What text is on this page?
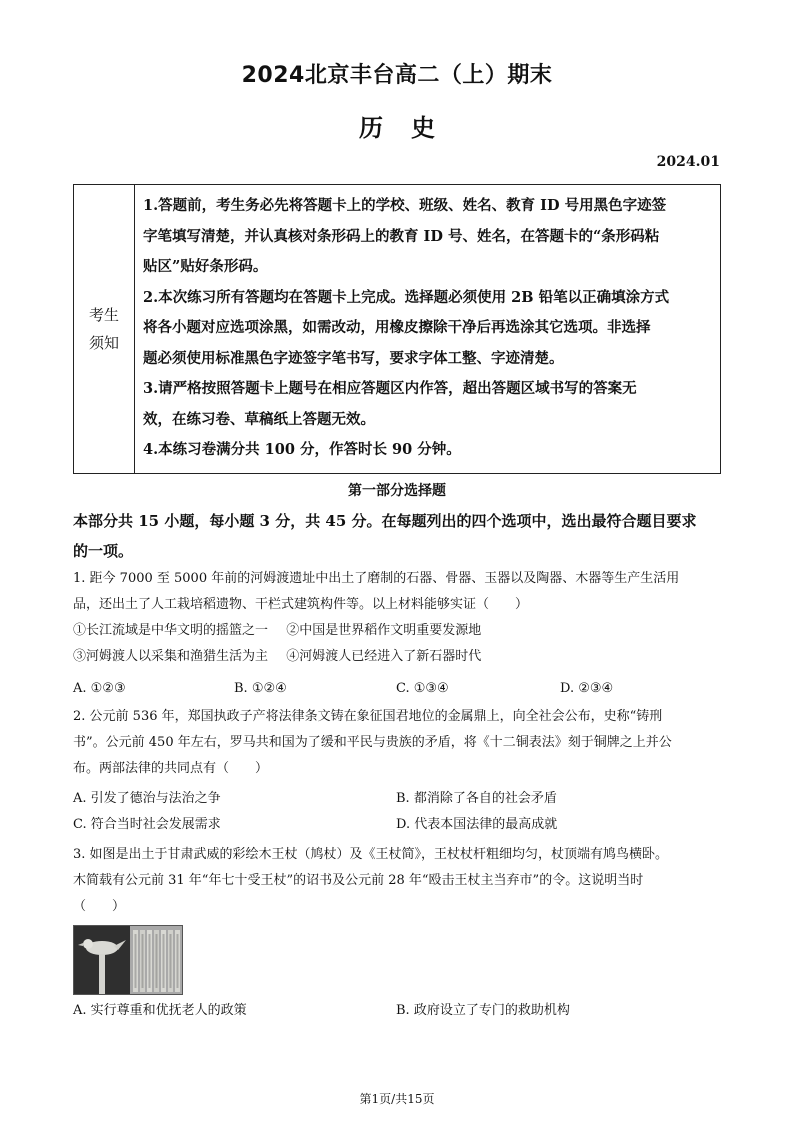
2024北京丰台高二（上）期末
历史
2024.01
考生
须知
1.答题前，考生务必先将答题卡上的学校、班级、姓名、教育 ID 号用黑色字迹签
字笔填写清楚，并认真核对条形码上的教育 ID 号、姓名，在答题卡的“条形码粘
贴区”贴好条形码。
2.本次练习所有答题均在答题卡上完成。选择题必须使用 2B 铅笔以正确填涂方式
将各小题对应选项涂黑，如需改动，用橡皮擦除干净后再选涂其它选项。非选择
题必须使用标准黑色字迹签字笔书写，要求字体工整、字迹清楚。
3.请严格按照答题卡上题号在相应答题区内作答，超出答题区域书写的答案无
效，在练习卷、草稿纸上答题无效。
4.本练习卷满分共 100 分，作答时长 90 分钟。
第一部分选择题
本部分共 15 小题，每小题 3 分，共 45 分。在每题列出的四个选项中，选出最符合题目要求
的一项。
1. 距今 7000 至 5000 年前的河姆渡遗址中出土了磨制的石器、骨器、玉器以及陶器、木器等生产生活用
品，还出土了人工栽培稻遗物、干栏式建筑构件等。以上材料能够实证（　　）
①长江流域是中华文明的摇篮之一 ②中国是世界稻作文明重要发源地
③河姆渡人以采集和渔猎生活为主 ④河姆渡人已经进入了新石器时代
A. ①②③	B. ①②④	C. ①③④	D. ②③④
2. 公元前 536 年，郑国执政子产将法律条文铸在象征国君地位的金属鼎上，向全社会公布，史称“铸刑
书”。公元前 450 年左右，罗马共和国为了缓和平民与贵族的矛盾，将《十二铜表法》刻于铜牌之上并公
布。两部法律的共同点有（　　）
A. 引发了德治与法治之争	B. 都消除了各自的社会矛盾
C. 符合当时社会发展需求	D. 代表本国法律的最高成就
3. 如图是出土于甘肃武威的彩绘木王杖（鸠杖）及《王杖简》，王杖杖杆粗细均匀，杖顶端有鸠鸟横卧。
木简载有公元前 31 年“年七十受王杖”的诏书及公元前 28 年“殴击王杖主当弃市”的令。这说明当时
（　　）
A. 实行尊重和优抚老人的政策	B. 政府设立了专门的救助机构
第1页/共15页
